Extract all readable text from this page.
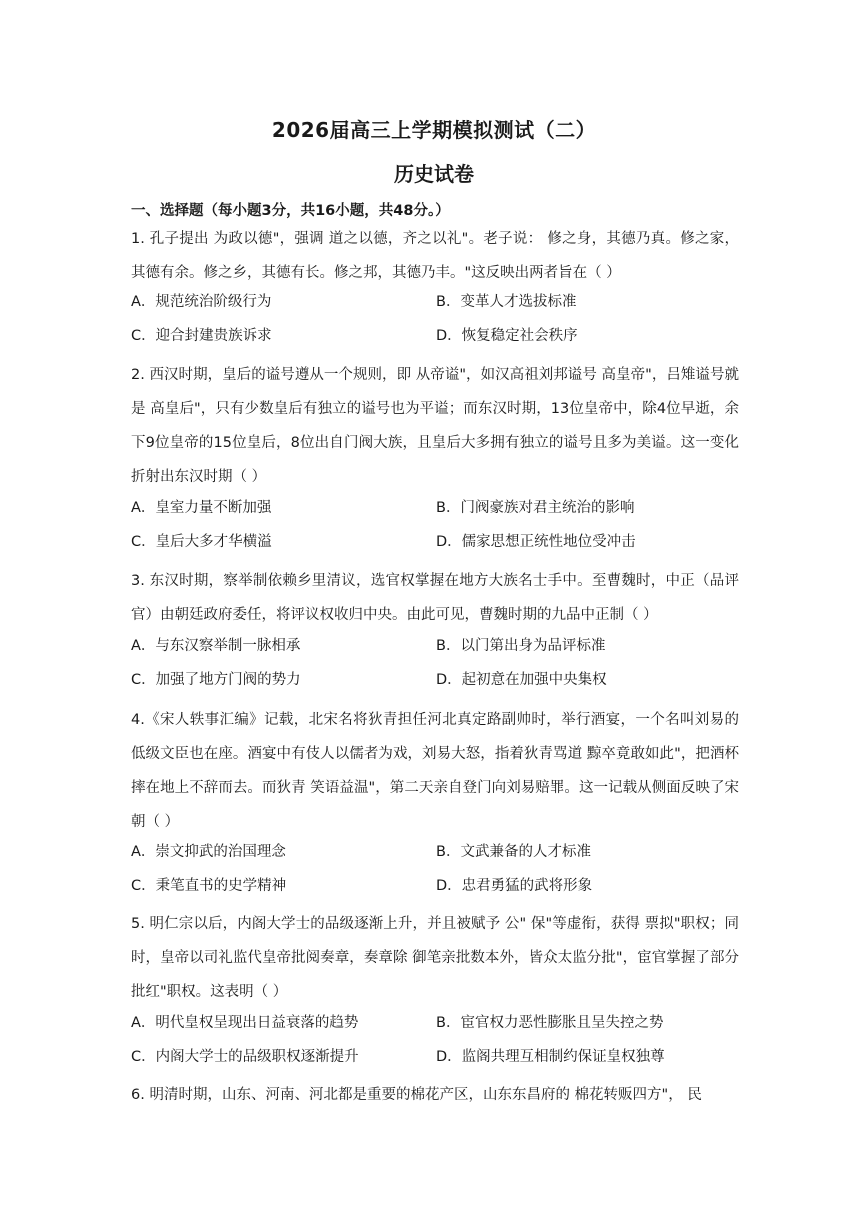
2026届高三上学期模拟测试（二）
历史试卷
一、选择题（每小题3分，共16小题，共48分。）

1. 孔子提出 为政以德"，强调 道之以德，齐之以礼"。老子说： 修之身，其德乃真。修之家，其德有余。修之乡，其德有长。修之邦，其德乃丰。"这反映出两者旨在（ ）

A．规范统治阶级行为	B．变革人才选拔标准
C．迎合封建贵族诉求	D．恢复稳定社会秩序

2. 西汉时期，皇后的谥号遵从一个规则，即 从帝谥"，如汉高祖刘邦谥号 高皇帝"，吕雉谥号就是 高皇后"，只有少数皇后有独立的谥号也为平谥；而东汉时期，13位皇帝中，除4位早逝，余下9位皇帝的15位皇后，8位出自门阀大族，且皇后大多拥有独立的谥号且多为美谥。这一变化折射出东汉时期（ ）

A．皇室力量不断加强	B．门阀豪族对君主统治的影响
C．皇后大多才华横溢	D．儒家思想正统性地位受冲击

3. 东汉时期，察举制依赖乡里清议，选官权掌握在地方大族名士手中。至曹魏时，中正（品评官）由朝廷政府委任，将评议权收归中央。由此可见，曹魏时期的九品中正制（ ）

A．与东汉察举制一脉相承	B．以门第出身为品评标准
C．加强了地方门阀的势力	D．起初意在加强中央集权

4.《宋人轶事汇编》记载，北宋名将狄青担任河北真定路副帅时，举行酒宴，一个名叫刘易的低级文臣也在座。酒宴中有伎人以儒者为戏，刘易大怒，指着狄青骂道 黥卒竟敢如此"，把酒杯摔在地上不辞而去。而狄青 笑语益温"，第二天亲自登门向刘易赔罪。这一记载从侧面反映了宋朝（ ）

A．崇文抑武的治国理念	B．文武兼备的人才标准
C．秉笔直书的史学精神	D．忠君勇猛的武将形象

5. 明仁宗以后，内阁大学士的品级逐渐上升，并且被赋予 公" 保"等虚衔，获得 票拟"职权；同时，皇帝以司礼监代皇帝批阅奏章，奏章除 御笔亲批数本外，皆众太监分批"，宦官掌握了部分 批红"职权。这表明（ ）

A．明代皇权呈现出日益衰落的趋势	B．宦官权力恶性膨胀且呈失控之势
C．内阁大学士的品级职权逐渐提升	D．监阁共理互相制约保证皇权独尊

6. 明清时期，山东、河南、河北都是重要的棉花产区，山东东昌府的 棉花转贩四方"， 民
